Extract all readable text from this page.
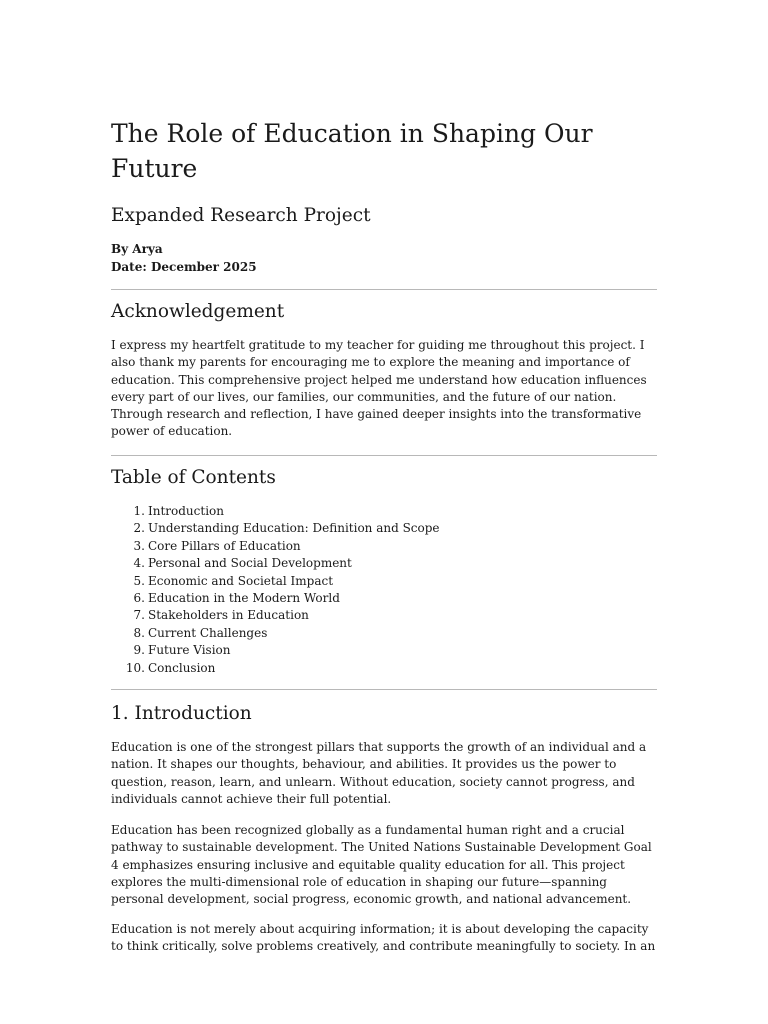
The Role of Education in Shaping Our Future
Expanded Research Project

By Arya

Date: December 2025

Acknowledgement

I express my heartfelt gratitude to my teacher for guiding me throughout this project. I also thank my parents for encouraging me to explore the meaning and importance of education. This comprehensive project helped me understand how education influences every part of our lives, our families, our communities, and the future of our nation. Through research and reflection, I have gained deeper insights into the transformative power of education.

Table of Contents
1. Introduction
2. Understanding Education: Definition and Scope
3. Core Pillars of Education
4. Personal and Social Development
5. Economic and Societal Impact
6. Education in the Modern World
7. Stakeholders in Education
8. Current Challenges
9. Future Vision
10. Conclusion
1. Introduction

Education is one of the strongest pillars that supports the growth of an individual and a nation. It shapes our thoughts, behaviour, and abilities. It provides us the power to question, reason, learn, and unlearn. Without education, society cannot progress, and individuals cannot achieve their full potential.

Education has been recognized globally as a fundamental human right and a crucial pathway to sustainable development. The United Nations Sustainable Development Goal 4 emphasizes ensuring inclusive and equitable quality education for all. This project explores the multi-dimensional role of education in shaping our future—spanning personal development, social progress, economic growth, and national advancement.

Education is not merely about acquiring information; it is about developing the capacity to think critically, solve problems creatively, and contribute meaningfully to society. In an
